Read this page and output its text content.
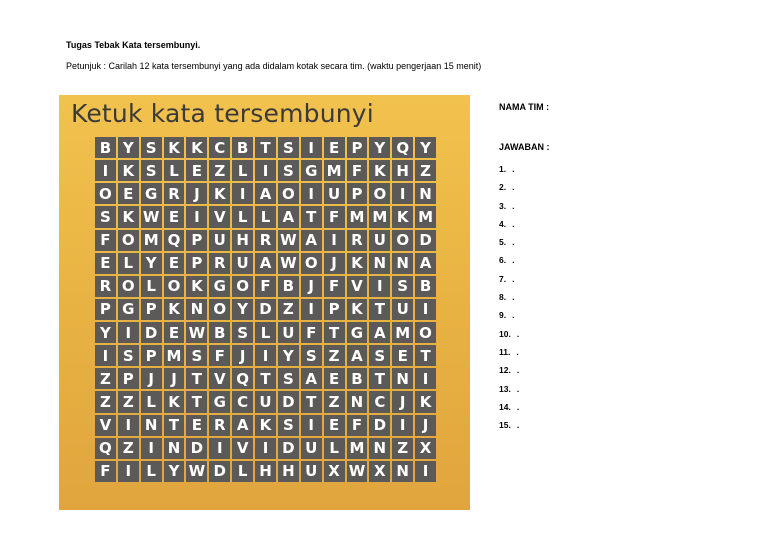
Tugas Tebak Kata tersembunyi.
Petunjuk : Carilah 12 kata tersembunyi yang ada didalam kotak secara tim. (waktu pengerjaan 15 menit)
Ketuk kata tersembunyi
B Y S K K C B T S I E P Y Q Y
I K S L E Z L	I S G M F K H Z
O E G R J K I A O I U P O I N
S K W E I V L L A T F M M K M
F O M Q P U H R W A I R U O D
E L Y E P R U A W O J K N N A
R O L O K G O F B J F V I S B
P G P K N O Y D Z I P K T U I
Y I D E W B S L U F T G A M O
I S P M S F J	I Y S Z A S E T
Z P J	J T V Q T S A E B T N I
Z Z L K T G C U D T Z N C J K
V I N T E R A K S I E F D I	J
Q Z I N D I V I D U L M N Z X
F I	L Y W D L H H U X W X N I
NAMA TIM :
JAWABAN :
1. .
2. .
3. .
4. .
5. .
6. .
7. .
8. .
9. .
10. .
11. .
12. .
13. .
14. .
15. .
